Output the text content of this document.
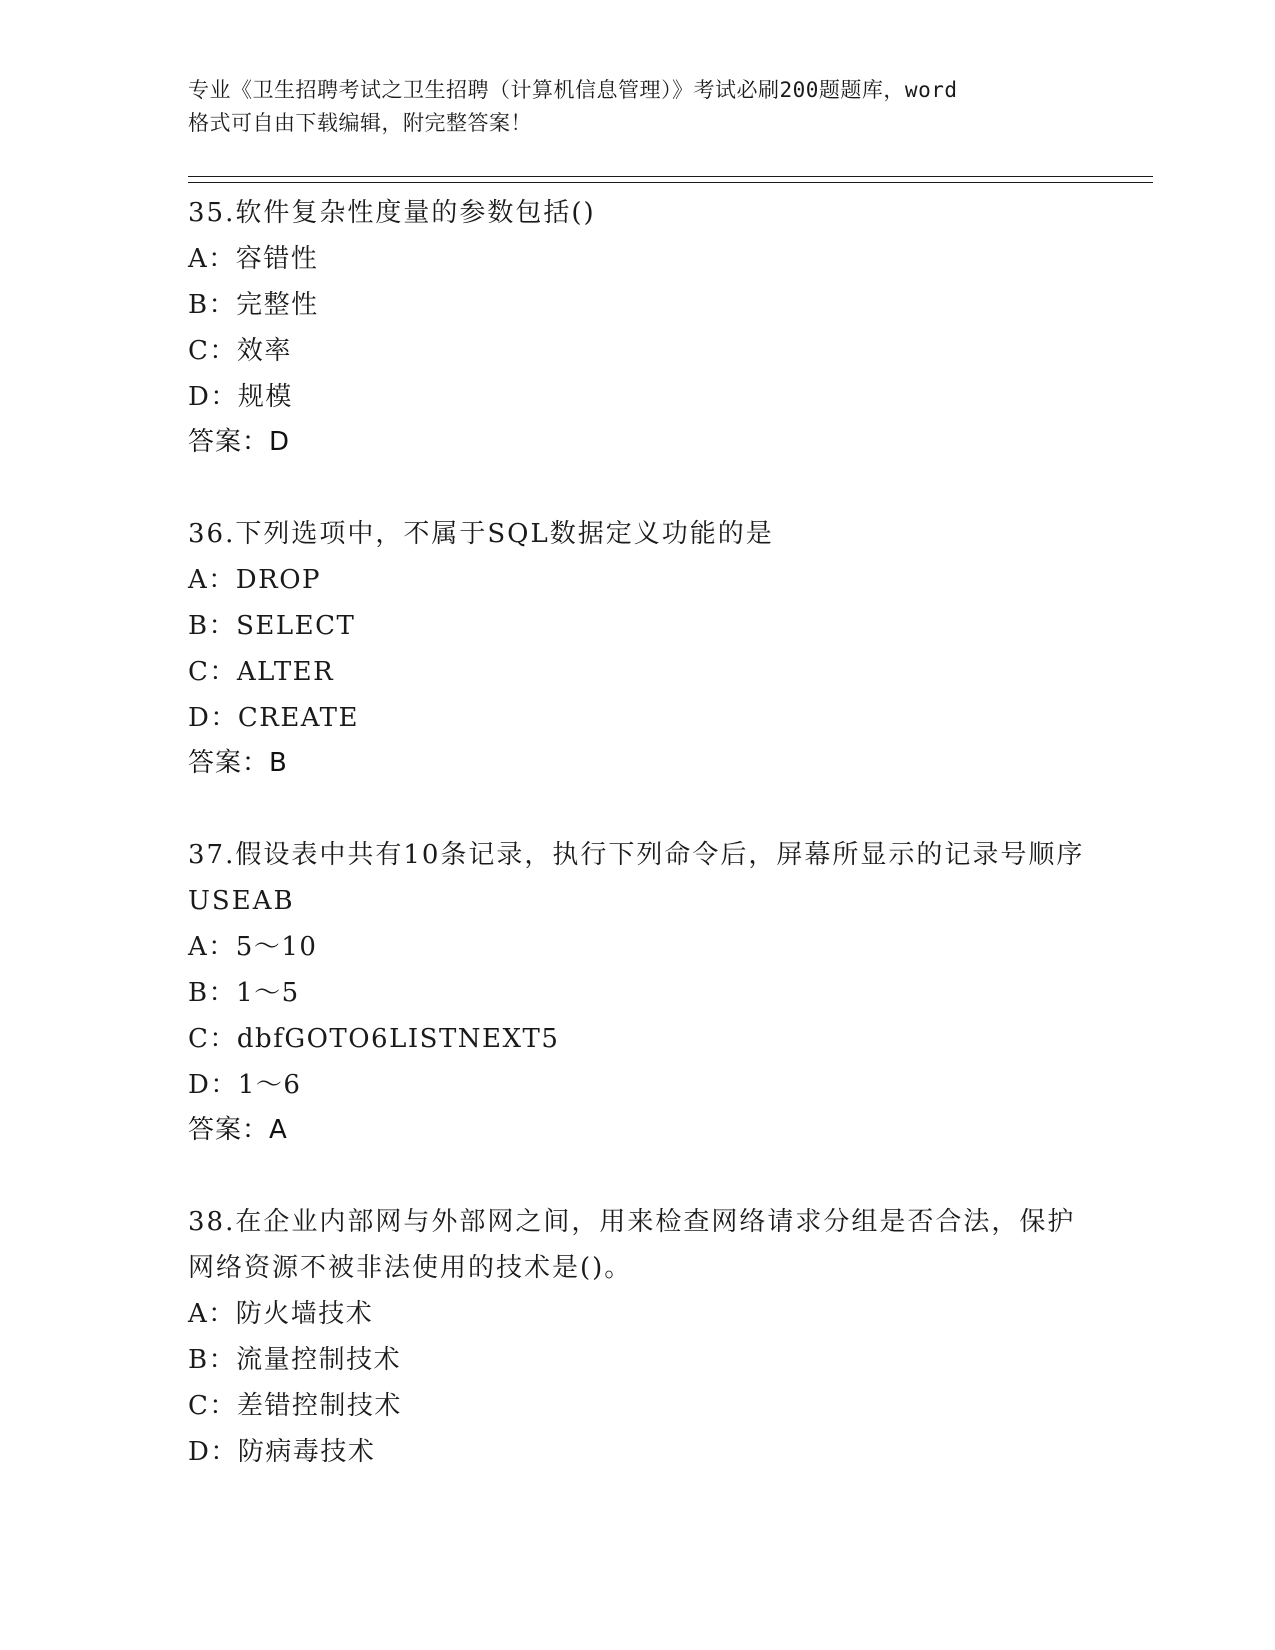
专业《卫生招聘考试之卫生招聘（计算机信息管理）》考试必刷200题题库，word
格式可自由下载编辑，附完整答案！
35.软件复杂性度量的参数包括()
A：容错性
B：完整性
C：效率
D：规模
答案：D
36.下列选项中，不属于SQL数据定义功能的是
A：DROP
B：SELECT
C：ALTER
D：CREATE
答案：B
37.假设表中共有10条记录，执行下列命令后，屏幕所显示的记录号顺序USEAB
A：5～10
B：1～5
C：dbfGOTO6LISTNEXT5
D：1～6
答案：A
38.在企业内部网与外部网之间，用来检查网络请求分组是否合法，保护网络资源不被非法使用的技术是()。
A：防火墙技术
B：流量控制技术
C：差错控制技术
D：防病毒技术
